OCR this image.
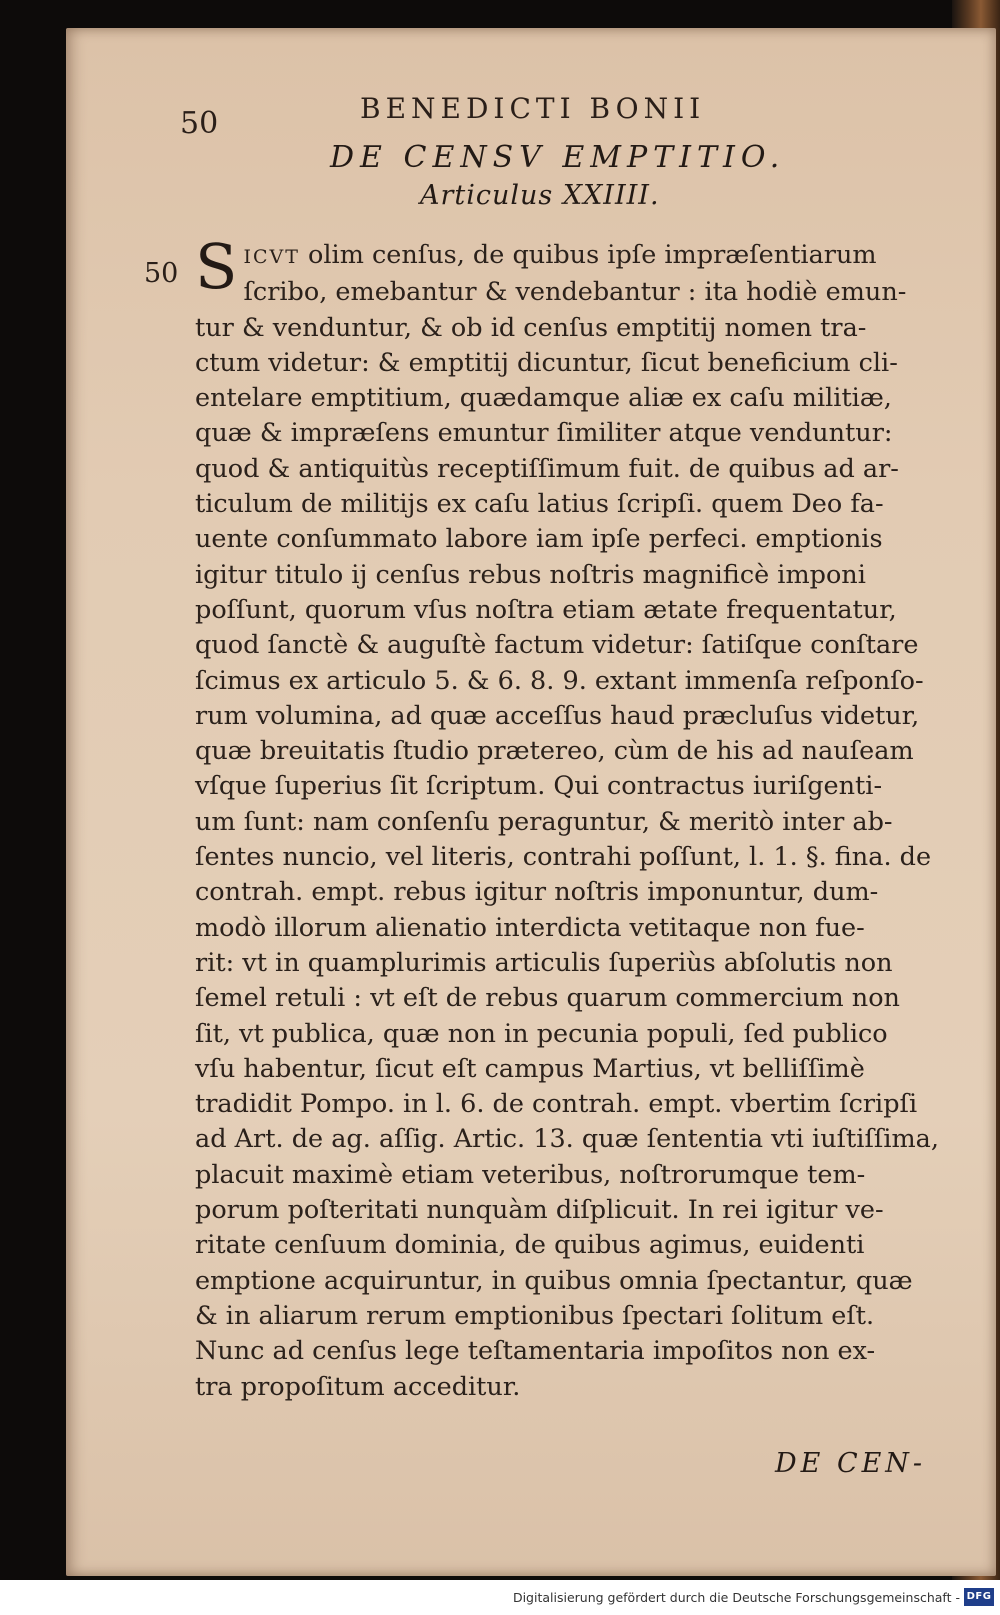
50	BENEDICTI BONII
DE CENSV EMPTITIO.
Articulus XXIIII.
50 S ICVT olim cenſus, de quibus ipſe impræſentiarum
ſcribo, emebantur & vendebantur : ita hodiè emun-
tur & venduntur, & ob id cenſus emptitij nomen tra-
ctum videtur: & emptitij dicuntur, ſicut beneficium cli-
entelare emptitium, quædamque aliæ ex caſu militiæ,
quæ & impræſens emuntur ſimiliter atque venduntur:
quod & antiquitùs receptiſſimum fuit. de quibus ad ar-
ticulum de militijs ex caſu latius ſcripſi. quem Deo fa-
uente conſummato labore iam ipſe perfeci. emptionis
igitur titulo ij cenſus rebus noſtris magnificè imponi
poſſunt, quorum vſus noſtra etiam ætate frequentatur,
quod ſanctè & auguſtè factum videtur: ſatiſque conſtare
ſcimus ex articulo 5. & 6. 8. 9. extant immenſa reſponſo-
rum volumina, ad quæ acceſſus haud præcluſus videtur,
quæ breuitatis ſtudio prætereo, cùm de his ad nauſeam
vſque ſuperius ſit ſcriptum. Qui contractus iuriſgenti-
um ſunt: nam conſenſu peraguntur, & meritò inter ab-
ſentes nuncio, vel literis, contrahi poſſunt, l. 1. §. fina. de
contrah. empt. rebus igitur noſtris imponuntur, dum-
modò illorum alienatio interdicta vetitaque non fue-
rit: vt in quamplurimis articulis ſuperiùs abſolutis non
ſemel retuli : vt eſt de rebus quarum commercium non
ſit, vt publica, quæ non in pecunia populi, ſed publico
vſu habentur, ſicut eſt campus Martius, vt belliſſimè
tradidit Pompo. in l. 6. de contrah. empt. vbertim ſcripſi
ad Art. de ag. aſſig. Artic. 13. quæ ſententia vti iuſtiſſima,
placuit maximè etiam veteribus, noſtrorumque tem-
porum poſteritati nunquàm diſplicuit. In rei igitur ve-
ritate cenſuum dominia, de quibus agimus, euidenti
emptione acquiruntur, in quibus omnia ſpectantur, quæ
& in aliarum rerum emptionibus ſpectari ſolitum eſt.
Nunc ad cenſus lege teſtamentaria impoſitos non ex-
tra propoſitum acceditur.
DE CEN-
Digitalisierung gefördert durch die Deutsche Forschungsgemeinschaft - DFG
